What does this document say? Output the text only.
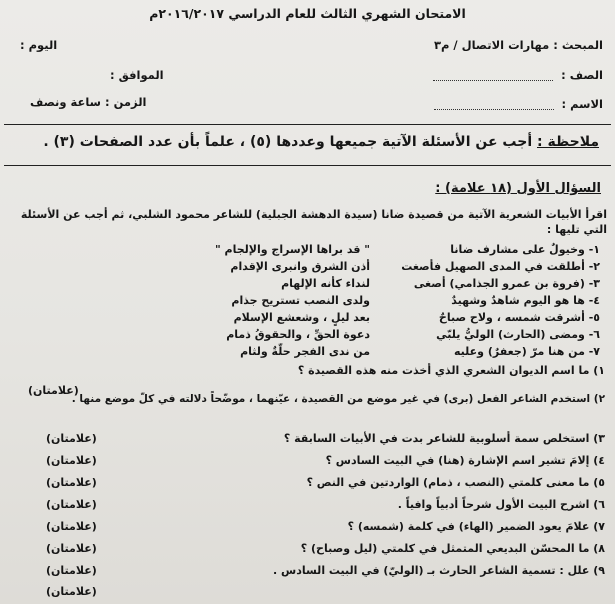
الامتحان الشهري الثالث للعام الدراسي ٢٠١٦/٢٠١٧م
المبحث : مهارات الاتصال / م٣
الصف :
الاسم :
اليوم :
الموافق :
الزمن : ساعة ونصف
ملاحظة : أجب عن الأسئلة الآتية جميعها وعددها (٥) ، علماً بأن عدد الصفحات (٣) .
السؤال الأول (١٨ علامة) :
اقرأ الأبيات الشعرية الآتية من قصيدة ضانا (سيدة الدهشة الجبلية) للشاعر محمود الشلبي، ثم أجب عن الأسئلة التي تليها :
١- وخيولٌ على مشارف ضانا
" قد براها الإسراج والإلجام "
٢- أطلقت في المدى الصهيل فأصغت
أذن الشرق وانبرى الإقدام
٣- (فروة بن عمرو الجذامي) أصغى
لنداء كأنه الإلهام
٤- ها هو اليوم شاهدٌ وشهيدٌ
ولدى النصب تستريح جذام
٥- أشرقت شمسه ، ولاح صباحٌ
بعد ليلٍ ، وشعشع الإسلام
٦- ومضى (الحارث) الوليُّ يلبّي
دعوة الحقِّ ، والحقوقُ ذمام
٧- من هنا مرّ (جعفرٌ) وعليه
من ندى الفجر حلّةٌ ولثام
١) ما اسم الديوان الشعري الذي أخذت منه هذه القصيدة ؟
(علامتان)
٢) استخدم الشاعر الفعل (برى) في غير موضع من القصيدة ، عيّنهما ، موضّحاً دلالته في كلّ موضع منها .
٣) استخلص سمة أسلوبية للشاعر بدت في الأبيات السابقة ؟
(علامتان)
٤) إلامَ تشير اسم الإشارة (هنا) في البيت السادس ؟
(علامتان)
٥) ما معنى كلمتي (النصب ، ذمام) الواردتين في النص ؟
(علامتان)
٦) اشرح البيت الأول شرحاً أدبياً وافياً .
(علامتان)
٧) علامَ يعود الضمير (الهاء) في كلمة (شمسه) ؟
(علامتان)
٨) ما المحسّن البديعي المتمثل في كلمتي (ليل وصباح) ؟
(علامتان)
٩) علل : تسمية الشاعر الحارث بـ (الوليّ) في البيت السادس .
(علامتان)
(علامتان)
